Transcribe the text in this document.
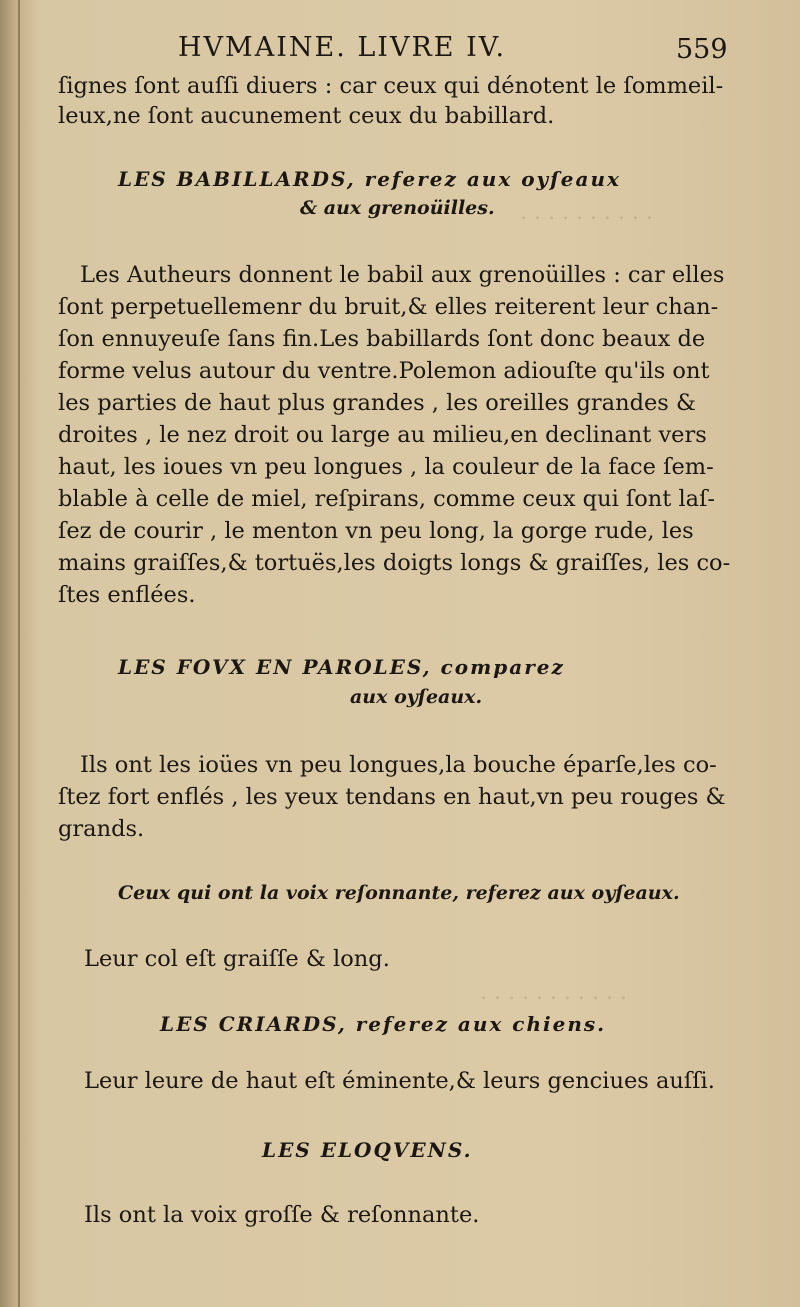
. . . . . . . . . .
. . . . . . . . . . .
HVMAINE. LIVRE IV.	559
ſignes ſont auſſi diuers : car ceux qui dénotent le ſommeil-
leux,ne ſont aucunement ceux du babillard.
LES BABILLARDS, referez aux oyſeaux
& aux grenoüilles.
Les Autheurs donnent le babil aux grenoüilles : car elles
ſont perpetuellemenr du bruit,& elles reiterent leur chan-
ſon ennuyeuſe ſans fin.Les babillards ſont donc beaux de
forme velus autour du ventre.Polemon adiouſte qu'ils ont
les parties de haut plus grandes , les oreilles grandes &
droites , le nez droit ou large au milieu,en declinant vers
haut, les ioues vn peu longues , la couleur de la face ſem-
blable à celle de miel, reſpirans, comme ceux qui ſont laſ-
ſez de courir , le menton vn peu long, la gorge rude, les
mains graiſſes,& tortuës,les doigts longs & graiſſes, les co-
ſtes enflées.
LES FOVX EN PAROLES, comparez
aux oyſeaux.
Ils ont les ioües vn peu longues,la bouche éparſe,les co-
ſtez fort enflés , les yeux tendans en haut,vn peu rouges &
grands.
Ceux qui ont la voix reſonnante, referez aux oyſeaux.
Leur col eſt graiſſe & long.
LES CRIARDS, referez aux chiens.
Leur leure de haut eſt éminente,& leurs genciues auſſi.
LES ELOQVENS.
Ils ont la voix groſſe & reſonnante.
